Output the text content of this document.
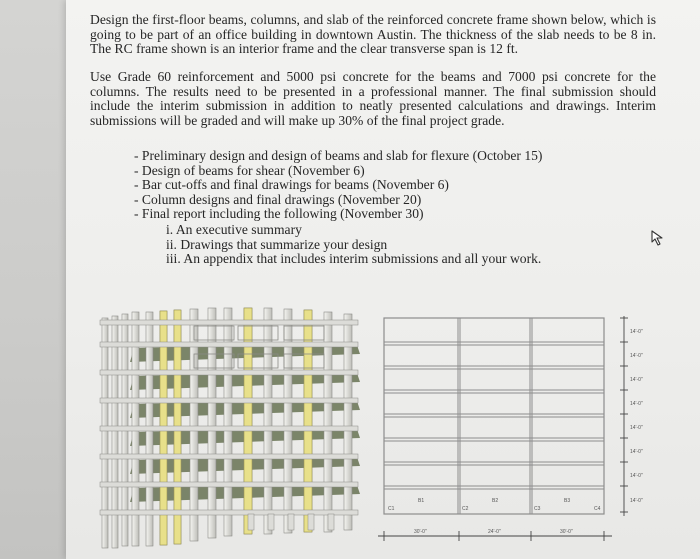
Design the first-floor beams, columns, and slab of the reinforced concrete frame shown below, which is going to be part of an office building in downtown Austin. The thickness of the slab needs to be 8 in. The RC frame shown is an interior frame and the clear transverse span is 12 ft.

Use Grade 60 reinforcement and 5000 psi concrete for the beams and 7000 psi concrete for the columns. The results need to be presented in a professional manner. The final submission should include the interim submission in addition to neatly presented calculations and drawings. Interim submissions will be graded and will make up 30% of the final project grade.

- Preliminary design and design of beams and slab for flexure (October 15)
- Design of beams for shear (November 6)
- Bar cut-offs and final drawings for beams (November 6)
- Column designs and final drawings (November 20)
- Final report including the following (November 30)
i. An executive summary
ii. Drawings that summarize your design
iii. An appendix that includes interim submissions and all your work.
C1	C2	C3	C4
B1	B2	B3
14'-0"
14'-0"
14'-0"
14'-0"
14'-0"
14'-0"
14'-0"
14'-0"
30'-0"	24'-0"	30'-0"
